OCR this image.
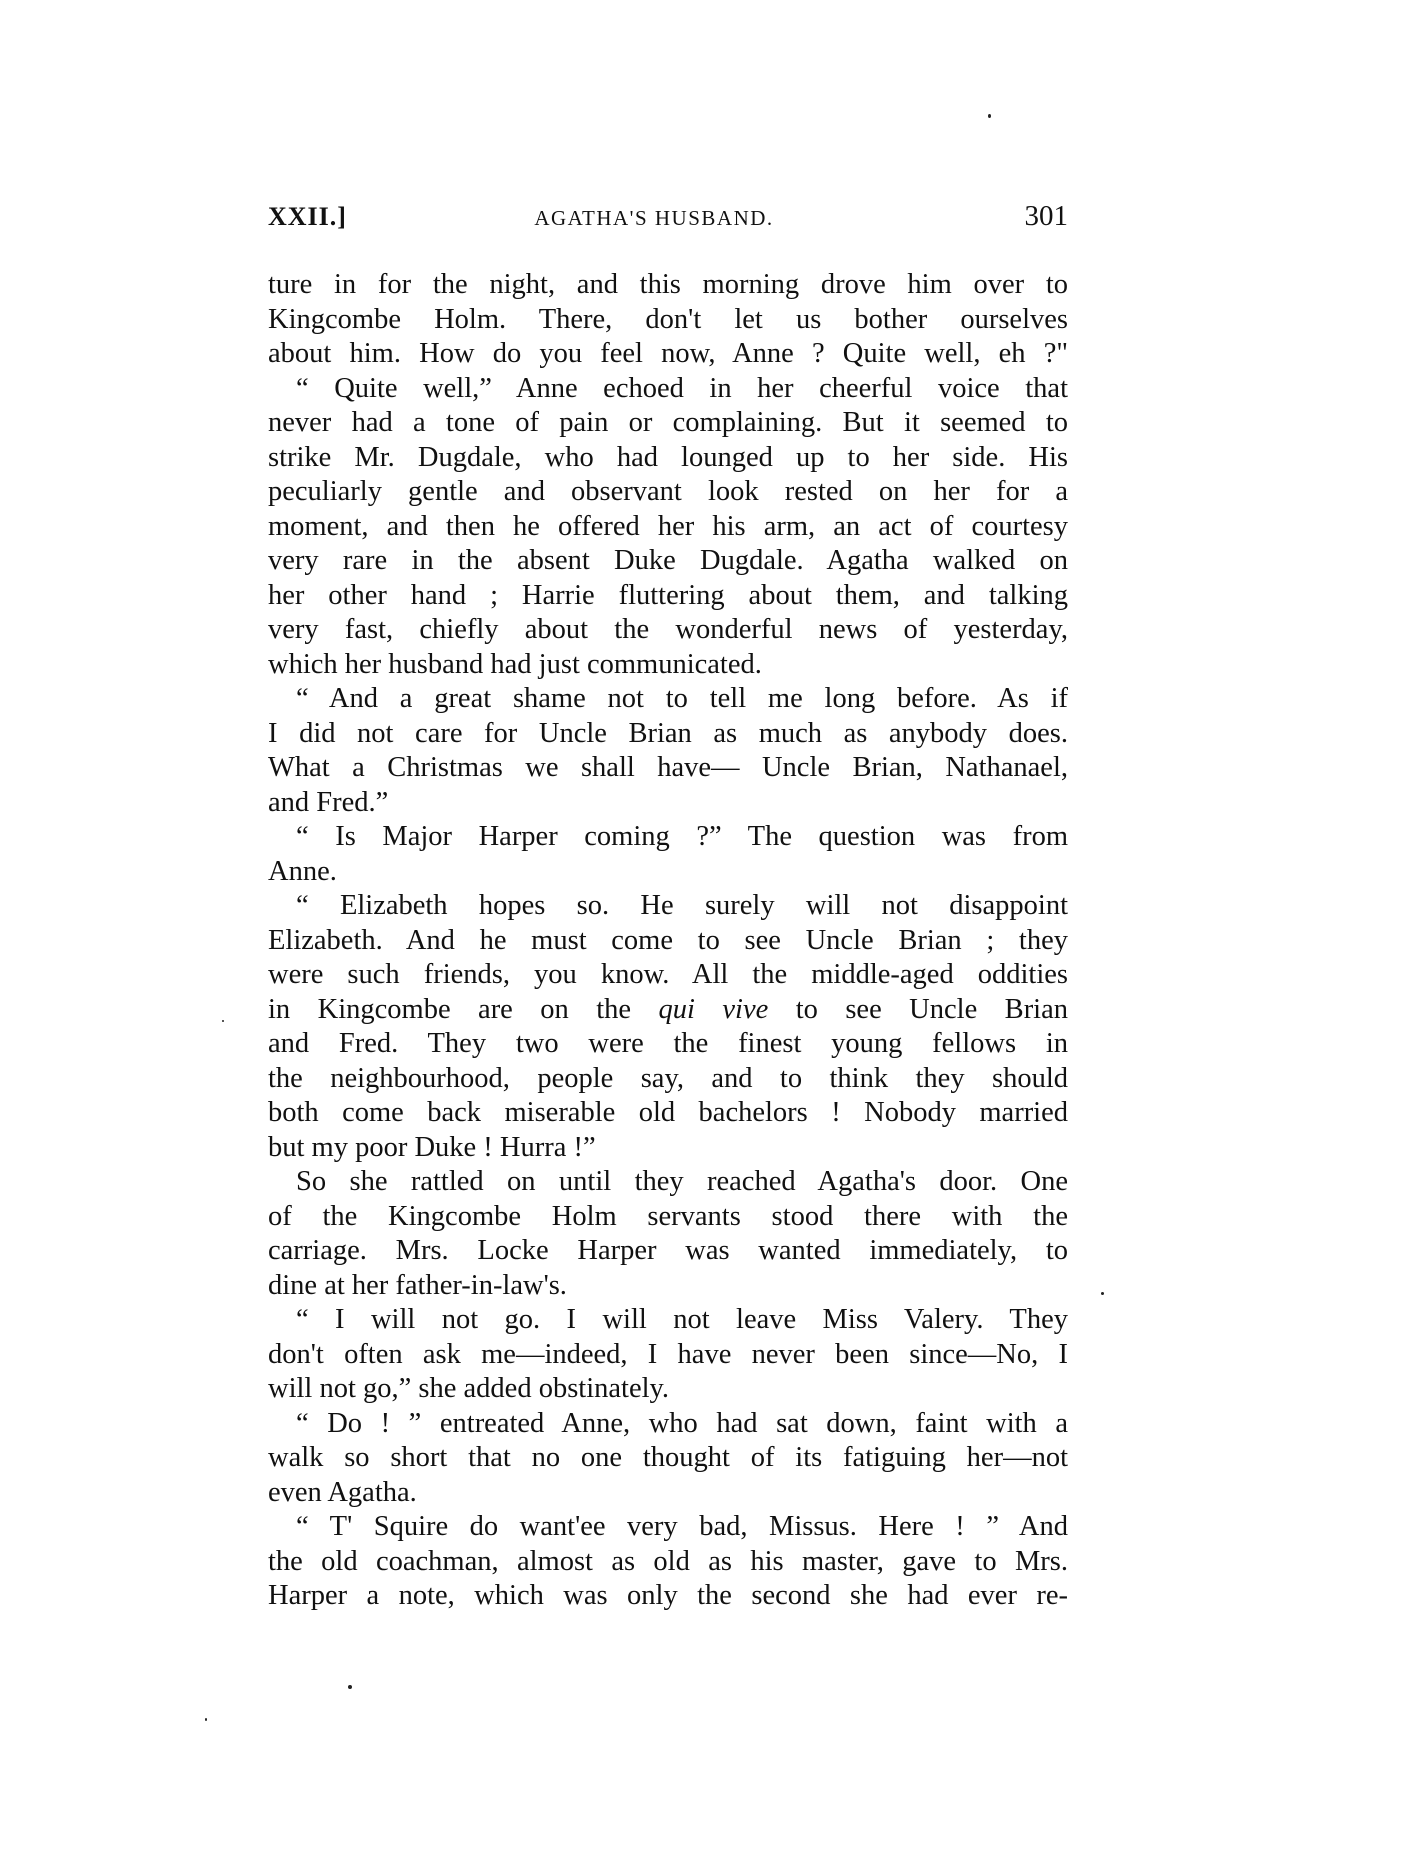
XXII.]	AGATHA'S HUSBAND.	301
ture in for the night, and this morning drove him over to
Kingcombe Holm. There, don't let us bother ourselves
about him. How do you feel now, Anne ? Quite well, eh ?"
“ Quite well,” Anne echoed in her cheerful voice that
never had a tone of pain or complaining. But it seemed to
strike Mr. Dugdale, who had lounged up to her side. His
peculiarly gentle and observant look rested on her for a
moment, and then he offered her his arm, an act of courtesy
very rare in the absent Duke Dugdale. Agatha walked on
her other hand ; Harrie fluttering about them, and talking
very fast, chiefly about the wonderful news of yesterday,
which her husband had just communicated.
“ And a great shame not to tell me long before. As if
I did not care for Uncle Brian as much as anybody does.
What a Christmas we shall have— Uncle Brian, Nathanael,
and Fred.”
“ Is Major Harper coming ?” The question was from
Anne.
“ Elizabeth hopes so. He surely will not disappoint
Elizabeth. And he must come to see Uncle Brian ; they
were such friends, you know. All the middle-aged oddities
in Kingcombe are on the qui vive to see Uncle Brian
and Fred. They two were the finest young fellows in
the neighbourhood, people say, and to think they should
both come back miserable old bachelors ! Nobody married
but my poor Duke ! Hurra !”
So she rattled on until they reached Agatha's door. One
of the Kingcombe Holm servants stood there with the
carriage. Mrs. Locke Harper was wanted immediately, to
dine at her father-in-law's.
“ I will not go. I will not leave Miss Valery. They
don't often ask me—indeed, I have never been since—No, I
will not go,” she added obstinately.
“ Do ! ” entreated Anne, who had sat down, faint with a
walk so short that no one thought of its fatiguing her—not
even Agatha.
“ T' Squire do want'ee very bad, Missus. Here ! ” And
the old coachman, almost as old as his master, gave to Mrs.
Harper a note, which was only the second she had ever re-
